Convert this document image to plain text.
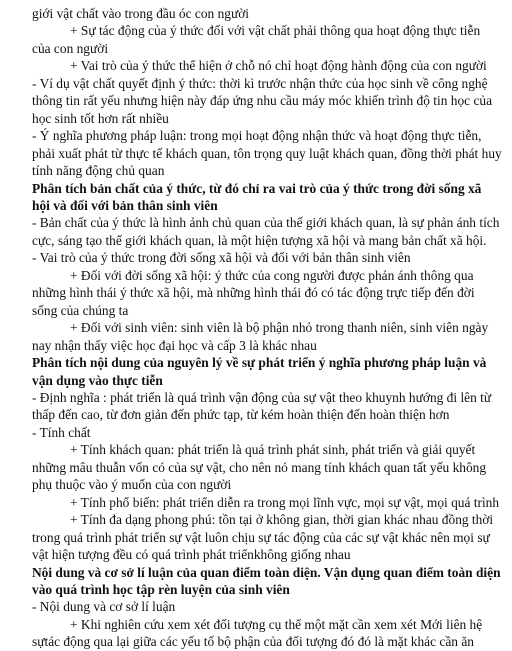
giới vật chất vào trong đầu óc con người

+ Sự tác động của ý thức đối với vật chất phải thông qua hoạt động thực tiễn của con người

+ Vai trò của ý thức thể hiện ở chỗ nó chỉ hoạt động hành động của con người

- Ví dụ vật chất quyết định ý thức: thời kì trước nhận thức của học sinh về công nghệ thông tin rất yếu nhưng hiện này đáp ứng nhu cầu máy móc khiến trình độ tin học của học sinh tốt hơn rất nhiều

- Ý nghĩa phương pháp luận: trong mọi hoạt động nhận thức và hoạt động thực tiễn, phải xuất phát từ thực tế khách quan, tôn trọng quy luật khách quan, đồng thời phát huy tính năng động chủ quan

Phân tích bản chất của ý thức, từ đó chỉ ra vai trò của ý thức trong đời sống xã hội và đối với bản thân sinh viên

- Bản chất của ý thức là hình ảnh chủ quan của thế giới khách quan, là sự phản ánh tích cực, sáng tạo thế giới khách quan, là một hiện tượng xã hội và mang bản chất xã hội.

- Vai trò của ý thức trong đời sống xã hội và đối với bản thân sinh viên

+ Đối với đời sống xã hội: ý thức của cong người được phản ánh thông qua những hình thái ý thức xã hội, mà những hình thái đó có tác động trực tiếp đến đời sống của chúng ta

+ Đối với sinh viên: sinh viên là bộ phận nhỏ trong thanh niên, sinh viên ngày nay nhận thấy việc học đại học và cấp 3 là khác nhau

Phân tích nội dung của nguyên lý về sự phát triển ý nghĩa phương pháp luận và vận dụng vào thực tiễn

- Định nghĩa : phát triển là quá trình vận động của sự vật theo khuynh hướng đi lên từ thấp đến cao, từ đơn giản đến phức tạp, từ kém hoàn thiện đến hoàn thiện hơn

- Tính chất

+ Tính khách quan: phát triển là quá trình phát sinh, phát triển và giải quyết những mâu thuẫn vốn có của sự vật, cho nên nó mang tính khách quan tất yếu không phụ thuộc vào ý muốn của con người

+ Tính phổ biến: phát triển diễn ra trong mọi lĩnh vực, mọi sự vật, mọi quá trình

+ Tính đa dạng phong phú: tồn tại ở không gian, thời gian khác nhau đồng thời trong quá trình phát triển sự vật luôn chịu sự tác động của các sự vật khác nên mọi sự vật hiện tượng đều có quá trình phát triểnkhông giống nhau

Nội dung và cơ sở lí luận của quan điểm toàn diện. Vận dụng quan điểm toàn diện vào quá trình học tập rèn luyện của sinh viên

- Nội dung và cơ sở lí luận

+ Khi nghiên cứu xem xét đối tượng cụ thể một mặt cần xem xét Mới liên hệ sựtác động qua lại giữa các yếu tố bộ phận của đối tượng đó đó là mặt khác cần ăn
